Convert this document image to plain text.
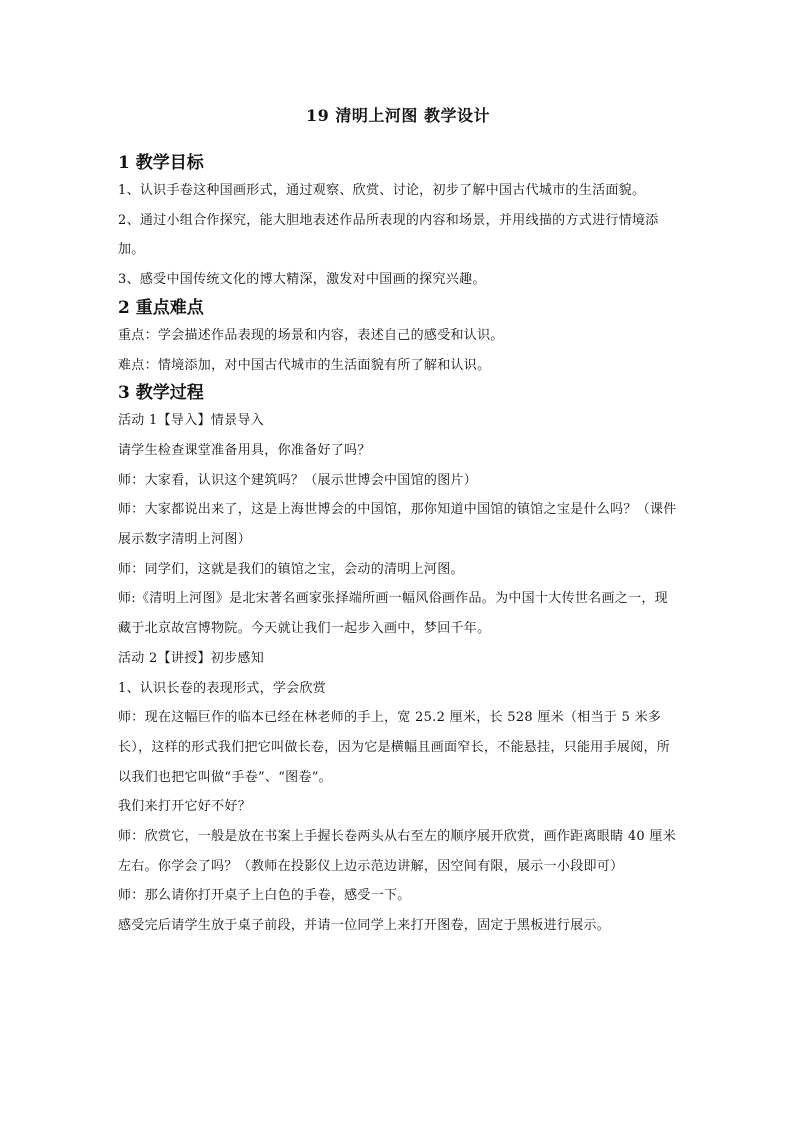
19 清明上河图 教学设计
1 教学目标

1、认识手卷这种国画形式，通过观察、欣赏、讨论，初步了解中国古代城市的生活面貌。

2、通过小组合作探究，能大胆地表述作品所表现的内容和场景，并用线描的方式进行情境添加。

3、感受中国传统文化的博大精深，激发对中国画的探究兴趣。

2 重点难点

重点：学会描述作品表现的场景和内容，表述自己的感受和认识。

难点：情境添加，对中国古代城市的生活面貌有所了解和认识。

3 教学过程

活动 1【导入】情景导入

请学生检查课堂准备用具，你准备好了吗？

师：大家看，认识这个建筑吗？（展示世博会中国馆的图片）

师：大家都说出来了，这是上海世博会的中国馆，那你知道中国馆的镇馆之宝是什么吗？（课件展示数字清明上河图）

师：同学们，这就是我们的镇馆之宝，会动的清明上河图。

师:《清明上河图》是北宋著名画家张择端所画一幅风俗画作品。为中国十大传世名画之一，现藏于北京故宫博物院。今天就让我们一起步入画中，梦回千年。

活动 2【讲授】初步感知

1、认识长卷的表现形式，学会欣赏

师：现在这幅巨作的临本已经在林老师的手上，宽 25.2 厘米，长 528 厘米（相当于 5 米多长），这样的形式我们把它叫做长卷，因为它是横幅且画面窄长，不能悬挂，只能用手展阅，所以我们也把它叫做“手卷”、“图卷”。

我们来打开它好不好？

师：欣赏它，一般是放在书案上手握长卷两头从右至左的顺序展开欣赏，画作距离眼睛 40 厘米左右。你学会了吗？（教师在投影仪上边示范边讲解，因空间有限，展示一小段即可）

师：那么请你打开桌子上白色的手卷，感受一下。

感受完后请学生放于桌子前段，并请一位同学上来打开图卷，固定于黑板进行展示。
